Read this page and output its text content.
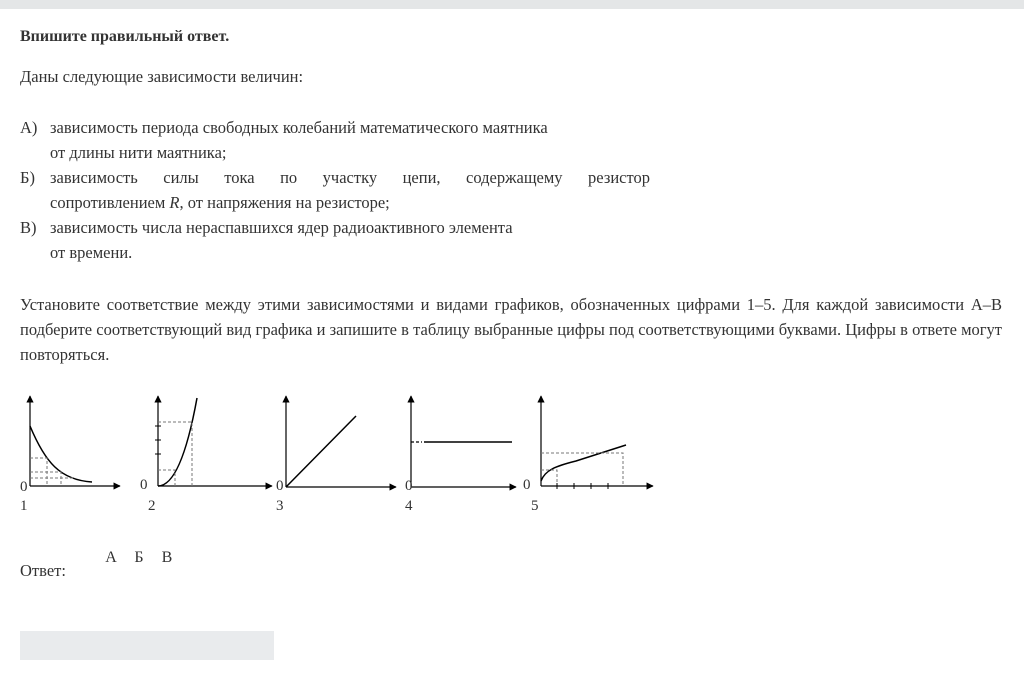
Впишите правильный ответ.
Даны следующие зависимости величин:
А) зависимость периода свободных колебаний математического маятника
от длины нити маятника;
Б) зависимость силы тока по участку цепи, содержащему резистор
сопротивлением R, от напряжения на резисторе;
В) зависимость числа нераспавшихся ядер радиоактивного элемента
от времени.
Установите соответствие между этими зависимостями и видами графиков, обозначенных цифрами 1–5. Для каждой зависимости А–В подберите соответствующий вид графика и запишите в таблицу выбранные цифры под соответствующими буквами. Цифры в ответе могут повторяться.
0
1
0
2
0
3
0
4
0
5
Ответ:
А Б В
